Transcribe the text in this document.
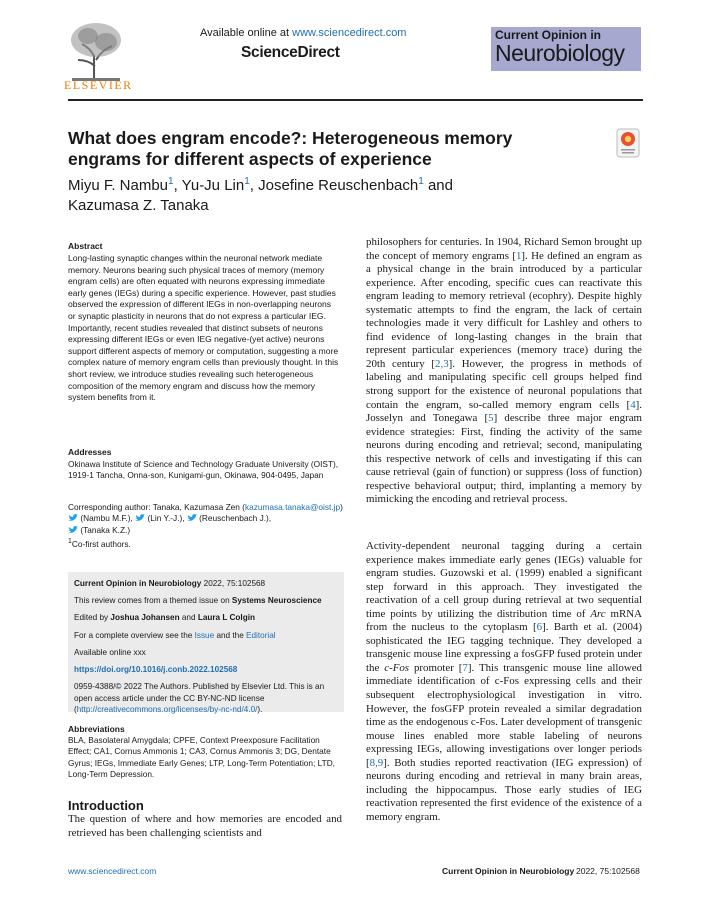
ELSEVIER
Available online at www.sciencedirect.com
ScienceDirect
Current Opinion in
Neurobiology
What does engram encode?: Heterogeneous memory engrams for different aspects of experience
Miyu F. Nambu$^1$, Yu-Ju Lin$^1$, Josefine Reuschenbach$^1$ and
Kazumasa Z. Tanaka
Abstract
Long-lasting synaptic changes within the neuronal network mediate memory. Neurons bearing such physical traces of memory (memory engram cells) are often equated with neurons expressing immediate early genes (IEGs) during a specific experience. However, past studies observed the expression of different IEGs in non-overlapping neurons or synaptic plasticity in neurons that do not express a particular IEG. Importantly, recent studies revealed that distinct subsets of neurons expressing different IEGs or even IEG negative-(yet active) neurons support different aspects of memory or computation, suggesting a more complex nature of memory engram cells than previously thought. In this short review, we introduce studies revealing such heterogeneous composition of the memory engram and discuss how the memory system benefits from it.
Addresses
Okinawa Institute of Science and Technology Graduate University (OIST), 1919-1 Tancha, Onna-son, Kunigami-gun, Okinawa, 904-0495, Japan
Corresponding author: Tanaka, Kazumasa Zen (kazumasa.tanaka@oist.jp)
(Nambu M.F.), (Lin Y.-J.), (Reuschenbach J.),
(Tanaka K.Z.)
$^1$Co-first authors.
Current Opinion in Neurobiology 2022, 75:102568
This review comes from a themed issue on Systems Neuroscience
Edited by Joshua Johansen and Laura L Colgin
For a complete overview see the Issue and the Editorial
Available online xxx
https://doi.org/10.1016/j.conb.2022.102568
0959-4388/© 2022 The Authors. Published by Elsevier Ltd. This is an open access article under the CC BY-NC-ND license (http://creativecommons.org/licenses/by-nc-nd/4.0/).
Abbreviations
BLA, Basolateral Amygdala; CPFE, Context Preexposure Facilitation Effect; CA1, Cornus Ammonis 1; CA3, Cornus Ammonis 3; DG, Dentate Gyrus; IEGs, Immediate Early Genes; LTP, Long-Term Potentiation; LTD, Long-Term Depression.
Introduction
The question of where and how memories are encoded and retrieved has been challenging scientists and
philosophers for centuries. In 1904, Richard Semon brought up the concept of memory engrams [1]. He defined an engram as a physical change in the brain introduced by a particular experience. After encoding, specific cues can reactivate this engram leading to memory retrieval (ecophry). Despite highly systematic attempts to find the engram, the lack of certain technologies made it very difficult for Lashley and others to find evidence of long-lasting changes in the brain that represent particular experiences (memory trace) during the 20th century [2,3]. However, the progress in methods of labeling and manipulating specific cell groups helped find strong support for the existence of neuronal populations that contain the engram, so-called memory engram cells [4]. Josselyn and Tonegawa [5] describe three major engram evidence strategies: First, finding the activity of the same neurons during encoding and retrieval; second, manipulating this respective network of cells and investigating if this can cause retrieval (gain of function) or suppress (loss of function) respective behavioral output; third, implanting a memory by mimicking the encoding and retrieval process.
Activity-dependent neuronal tagging during a certain experience makes immediate early genes (IEGs) valuable for engram studies. Guzowski et al. (1999) enabled a significant step forward in this approach. They investigated the reactivation of a cell group during retrieval at two sequential time points by utilizing the distribution time of Arc mRNA from the nucleus to the cytoplasm [6]. Barth et al. (2004) sophisticated the IEG tagging technique. They developed a transgenic mouse line expressing a fosGFP fused protein under the c-Fos promoter [7]. This transgenic mouse line allowed immediate identification of c-Fos expressing cells and their subsequent electrophysiological investigation in vitro. However, the fosGFP protein revealed a similar degradation time as the endogenous c-Fos. Later development of transgenic mouse lines enabled more stable labeling of neurons expressing IEGs, allowing investigations over longer periods [8,9]. Both studies reported reactivation (IEG expression) of neurons during encoding and retrieval in many brain areas, including the hippocampus. Those early studies of IEG reactivation represented the first evidence of the existence of a memory engram.
www.sciencedirect.com	Current Opinion in Neurobiology 2022, 75:102568
